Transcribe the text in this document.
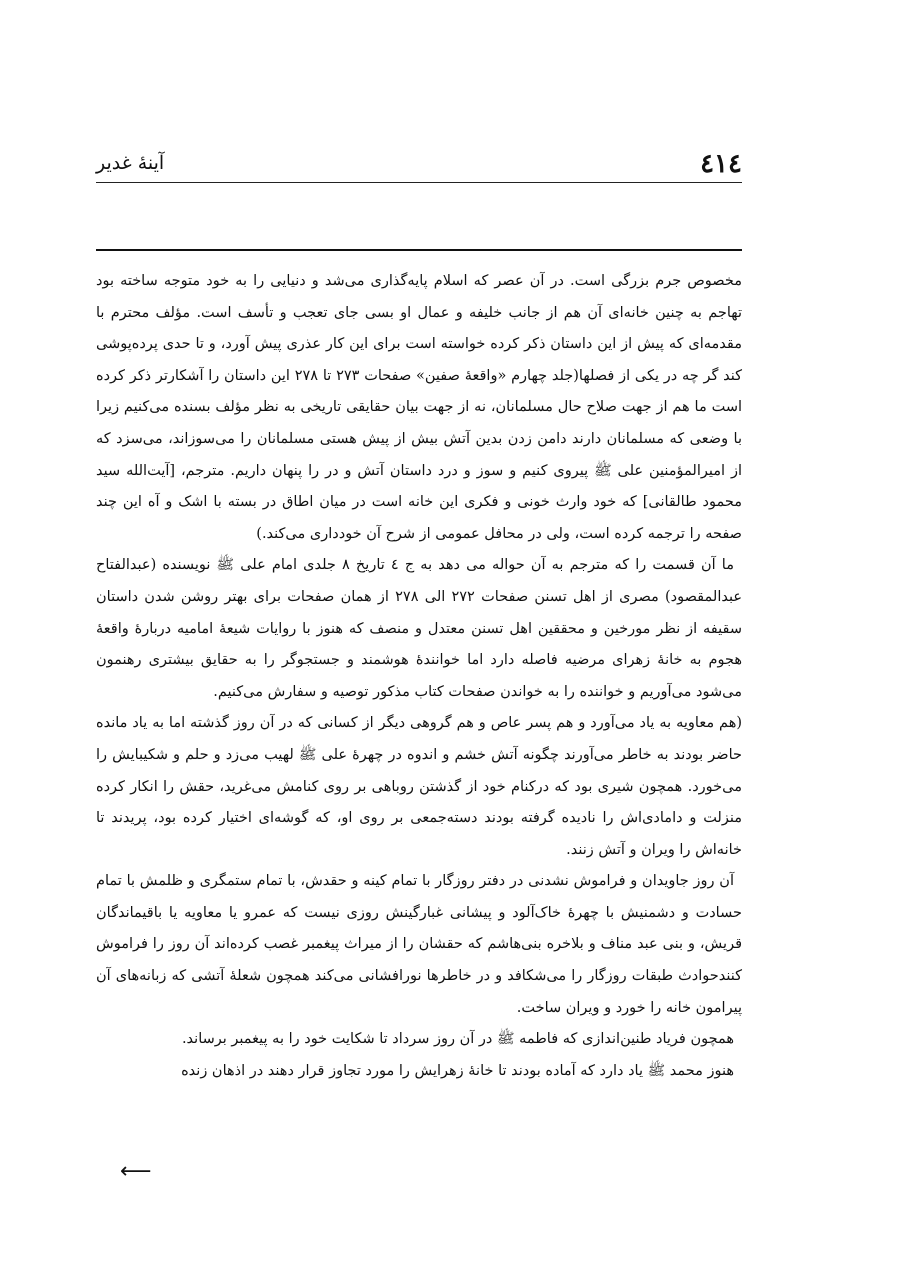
٤١٤
آينهٔ غدير

مخصوص جرم بزرگی است. در آن عصر که اسلام پايه‌گذاری می‌شد و دنيايی را به خود متوجه ساخته بود تهاجم به چنين خانه‌ای آن هم از جانب خليفه و عمال او بسی جای تعجب و تأسف است. مؤلف محترم با مقدمه‌ای که پيش از اين داستان ذکر کرده خواسته است برای اين کار عذری پيش آورد، و تا حدی پرده‌پوشی کند گر چه در يکی از فصلها(جلد چهارم «واقعهٔ صفين» صفحات ۲۷۳ تا ۲۷۸ اين داستان را آشکارتر ذکر کرده است ما هم از جهت صلاح حال مسلمانان، نه از جهت بيان حقايقی تاريخی به نظر مؤلف بسنده می‌کنيم زيرا با وضعی که مسلمانان دارند دامن زدن بدين آتش بيش از پيش هستی مسلمانان را می‌سوزاند، می‌سزد که از اميرالمؤمنين علی ﷺ پيروی کنيم و سوز و درد داستان آتش و در را پنهان داريم. مترجم، [آيت‌الله سيد محمود طالقانی] که خود وارث خونی و فکری اين خانه است در ميان اطاق در بسته با اشک و آه اين چند صفحه را ترجمه کرده است، ولی در محافل عمومی از شرح آن خودداری می‌کند.)

ما آن قسمت را که مترجم به آن حواله می دهد به ج ٤ تاريخ ٨ جلدی امام علی ﷺ نويسنده (عبدالفتاح عبدالمقصود) مصری از اهل تسنن صفحات ۲۷۲ الی ۲۷۸ از همان صفحات برای بهتر روشن شدن داستان سقيفه از نظر مورخين و محققين اهل تسنن معتدل و منصف که هنوز با روايات شيعهٔ اماميه دربارهٔ واقعهٔ هجوم به خانهٔ زهرای مرضيه فاصله دارد اما خوانندهٔ هوشمند و جستجوگر را به حقايق بيشتری رهنمون می‌شود می‌آوريم و خواننده را به خواندن صفحات کتاب مذکور توصيه و سفارش می‌کنيم.

(هم معاويه به ياد می‌آورد و هم پسر عاص و هم گروهی ديگر از کسانی که در آن روز گذشته اما به ياد مانده حاضر بودند به خاطر می‌آورند چگونه آتش خشم و اندوه در چهرهٔ علی ﷺ لهيب می‌زد و حلم و شکيبايش را می‌خورد. همچون شيری بود که درکنام خود از گذشتن روباهی بر روی کنامش می‌غريد، حقش را انکار کرده منزلت و دامادی‌اش را ناديده گرفته بودند دسته‌جمعی بر روی او، که گوشه‌ای اختيار کرده بود، پريدند تا خانه‌اش را ويران و آتش زنند.

آن روز جاويدان و فراموش نشدنی در دفتر روزگار با تمام کينه و حقدش، با تمام ستمگری و ظلمش با تمام حسادت و دشمنيش با چهرهٔ خاک‌آلود و پيشانی غبارگينش روزی نيست که عمرو يا معاويه يا باقيماندگان قريش، و بنی عبد مناف و بلاخره بنی‌هاشم که حقشان را از ميراث پيغمبر غصب کرده‌اند آن روز را فراموش کنندحوادث طبقات روزگار را می‌شکافد و در خاطرها نورافشانی می‌کند همچون شعلهٔ آتشی که زبانه‌های آن پيرامون خانه را خورد و ويران ساخت.

همچون فرياد طنين‌اندازی که فاطمه ﷺ در آن روز سرداد تا شکايت خود را به پيغمبر برساند.

هنوز محمد ﷺ ياد دارد که آماده بودند تا خانهٔ زهرايش را مورد تجاوز قرار دهند در اذهان زنده

⟵
